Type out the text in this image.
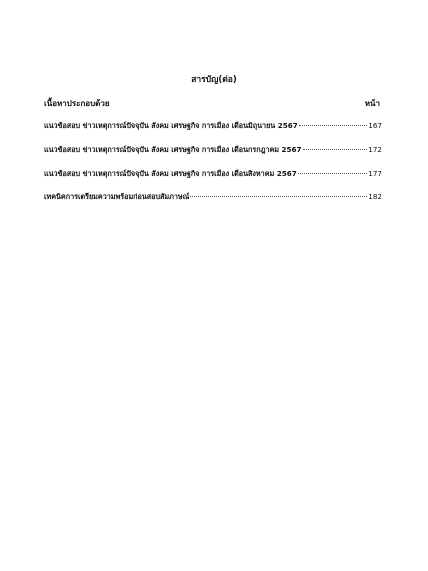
สารบัญ(ต่อ)
เนื้อหาประกอบด้วย	หน้า
แนวข้อสอบ ข่าวเหตุการณ์ปัจจุบัน สังคม เศรษฐกิจ การเมือง เดือนมิถุนายน 2567	167
แนวข้อสอบ ข่าวเหตุการณ์ปัจจุบัน สังคม เศรษฐกิจ การเมือง เดือนกรกฎาคม 2567	172
แนวข้อสอบ ข่าวเหตุการณ์ปัจจุบัน สังคม เศรษฐกิจ การเมือง เดือนสิงหาคม 2567	177
เทคนิคการเตรียมความพร้อมก่อนสอบสัมภาษณ์	182
